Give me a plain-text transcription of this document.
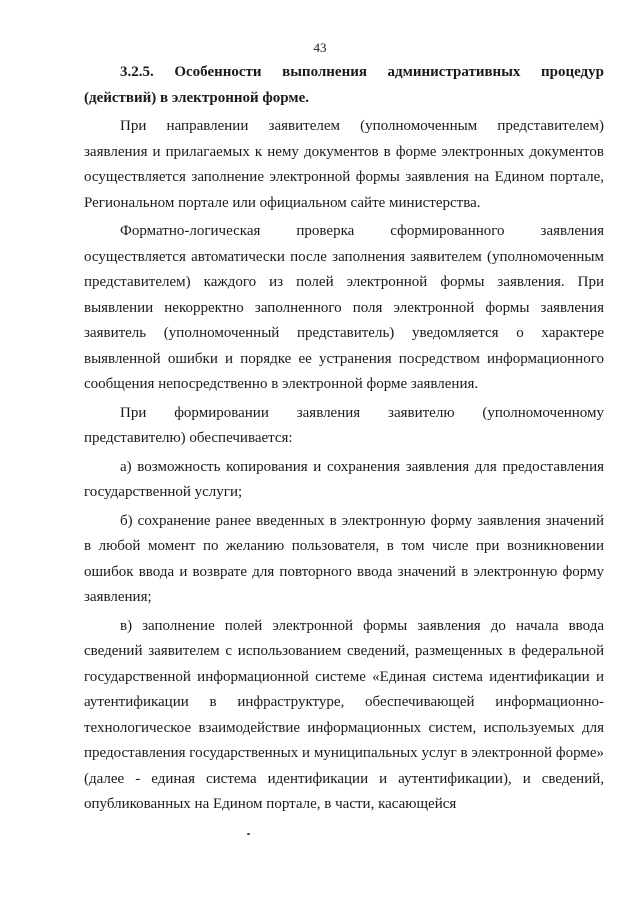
43

3.2.5. Особенности выполнения административных процедур (действий) в электронной форме.

При направлении заявителем (уполномоченным представителем) заявления и прилагаемых к нему документов в форме электронных документов осуществляется заполнение электронной формы заявления на Едином портале, Региональном портале или официальном сайте министерства.

Форматно-логическая проверка сформированного заявления осуществляется автоматически после заполнения заявителем (уполномоченным представителем) каждого из полей электронной формы заявления. При выявлении некорректно заполненного поля электронной формы заявления заявитель (уполномоченный представитель) уведомляется о характере выявленной ошибки и порядке ее устранения посредством информационного сообщения непосредственно в электронной форме заявления.

При формировании заявления заявителю (уполномоченному представителю) обеспечивается:

а) возможность копирования и сохранения заявления для предоставления государственной услуги;

б) сохранение ранее введенных в электронную форму заявления значений в любой момент по желанию пользователя, в том числе при возникновении ошибок ввода и возврате для повторного ввода значений в электронную форму заявления;

в) заполнение полей электронной формы заявления до начала ввода сведений заявителем с использованием сведений, размещенных в федеральной государственной информационной системе «Единая система идентификации и аутентификации в инфраструктуре, обеспечивающей информационно-технологическое взаимодействие информационных систем, используемых для предоставления государственных и муниципальных услуг в электронной форме» (далее - единая система идентификации и аутентификации), и сведений, опубликованных на Едином портале, в части, касающейся
